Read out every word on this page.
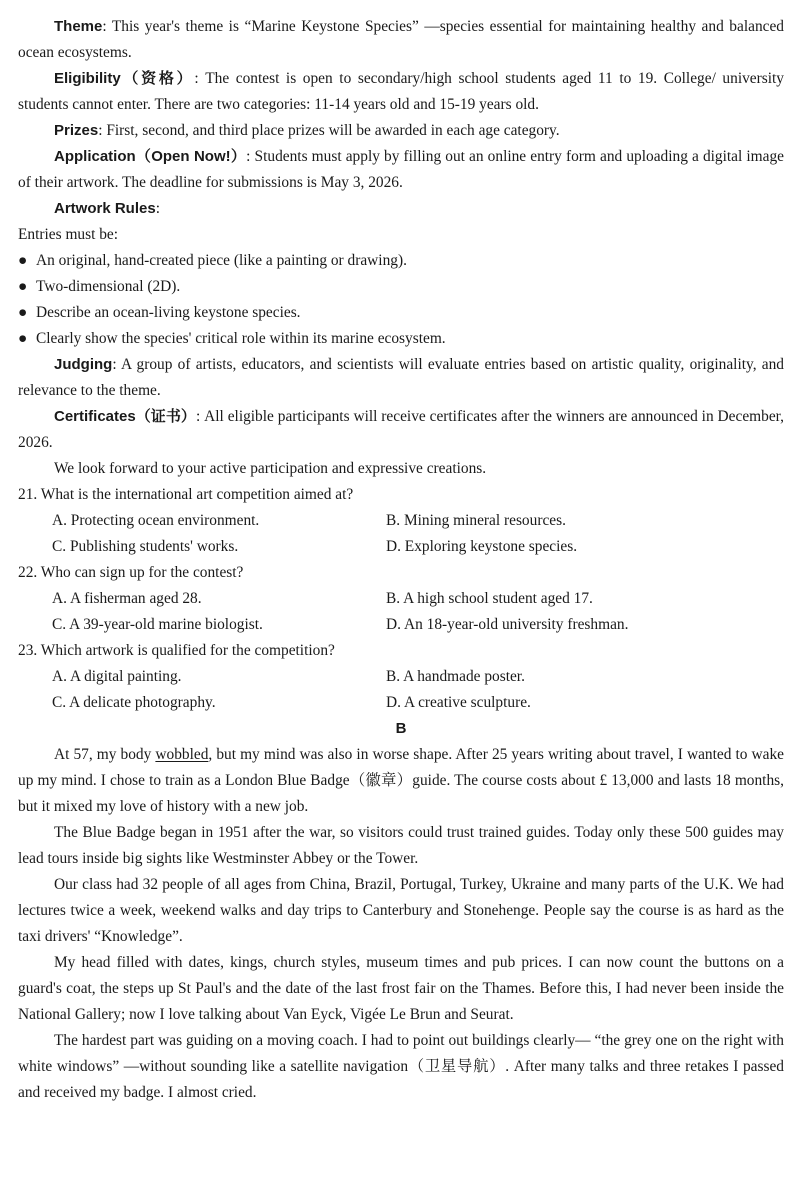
Theme: This year's theme is “Marine Keystone Species” —species essential for maintaining healthy and balanced ocean ecosystems.

Eligibility（资格）: The contest is open to secondary/high school students aged 11 to 19. College/ university students cannot enter. There are two categories: 11-14 years old and 15-19 years old.

Prizes: First, second, and third place prizes will be awarded in each age category.

Application（Open Now!）: Students must apply by filling out an online entry form and uploading a digital image of their artwork. The deadline for submissions is May 3, 2026.

Artwork Rules:

Entries must be:

● An original, hand-created piece (like a painting or drawing).

● Two-dimensional (2D).

● Describe an ocean-living keystone species.

● Clearly show the species' critical role within its marine ecosystem.

Judging: A group of artists, educators, and scientists will evaluate entries based on artistic quality, originality, and relevance to the theme.

Certificates（证书）: All eligible participants will receive certificates after the winners are announced in December, 2026.

We look forward to your active participation and expressive creations.

21. What is the international art competition aimed at?

A. Protecting ocean environment.	B. Mining mineral resources.

C. Publishing students' works.	D. Exploring keystone species.

22. Who can sign up for the contest?

A. A fisherman aged 28.	B. A high school student aged 17.

C. A 39-year-old marine biologist.	D. An 18-year-old university freshman.

23. Which artwork is qualified for the competition?

A. A digital painting.	B. A handmade poster.

C. A delicate photography.	D. A creative sculpture.

B

At 57, my body wobbled, but my mind was also in worse shape. After 25 years writing about travel, I wanted to wake up my mind. I chose to train as a London Blue Badge（徽章）guide. The course costs about £ 13,000 and lasts 18 months, but it mixed my love of history with a new job.

The Blue Badge began in 1951 after the war, so visitors could trust trained guides. Today only these 500 guides may lead tours inside big sights like Westminster Abbey or the Tower.

Our class had 32 people of all ages from China, Brazil, Portugal, Turkey, Ukraine and many parts of the U.K. We had lectures twice a week, weekend walks and day trips to Canterbury and Stonehenge. People say the course is as hard as the taxi drivers' “Knowledge”.

My head filled with dates, kings, church styles, museum times and pub prices. I can now count the buttons on a guard's coat, the steps up St Paul's and the date of the last frost fair on the Thames. Before this, I had never been inside the National Gallery; now I love talking about Van Eyck, Vigée Le Brun and Seurat.

The hardest part was guiding on a moving coach. I had to point out buildings clearly— “the grey one on the right with white windows” —without sounding like a satellite navigation（卫星导航）. After many talks and three retakes I passed and received my badge. I almost cried.
